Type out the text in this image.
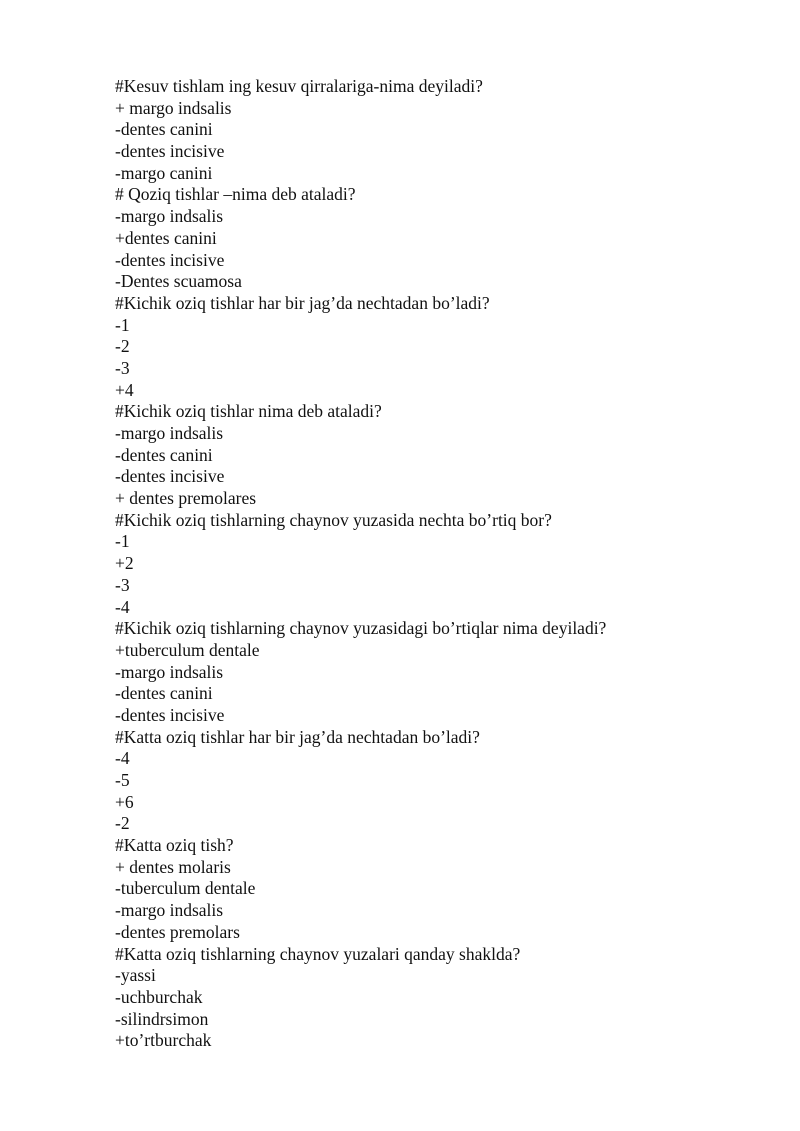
#Kesuv tishlam ing kesuv qirralariga-nima deyiladi?
+ margo indsalis
-dentes canini
-dentes incisive
-margo canini
# Qoziq tishlar –nima deb ataladi?
-margo indsalis
+dentes canini
-dentes incisive
-Dentes scuamosa
#Kichik oziq tishlar har bir jag’da nechtadan bo’ladi?
-1
-2
-3
+4
#Kichik oziq tishlar nima deb ataladi?
-margo indsalis
-dentes canini
-dentes incisive
+ dentes premolares
#Kichik oziq tishlarning chaynov yuzasida nechta bo’rtiq bor?
-1
+2
-3
-4
#Kichik oziq tishlarning chaynov yuzasidagi bo’rtiqlar nima deyiladi?
+tuberculum dentale
-margo indsalis
-dentes canini
-dentes incisive
#Katta oziq tishlar har bir jag’da nechtadan bo’ladi?
-4
-5
+6
-2
#Katta oziq tish?
+ dentes molaris
-tuberculum dentale
-margo indsalis
-dentes premolars
#Katta oziq tishlarning chaynov yuzalari qanday shaklda?
-yassi
-uchburchak
-silindrsimon
+to’rtburchak
